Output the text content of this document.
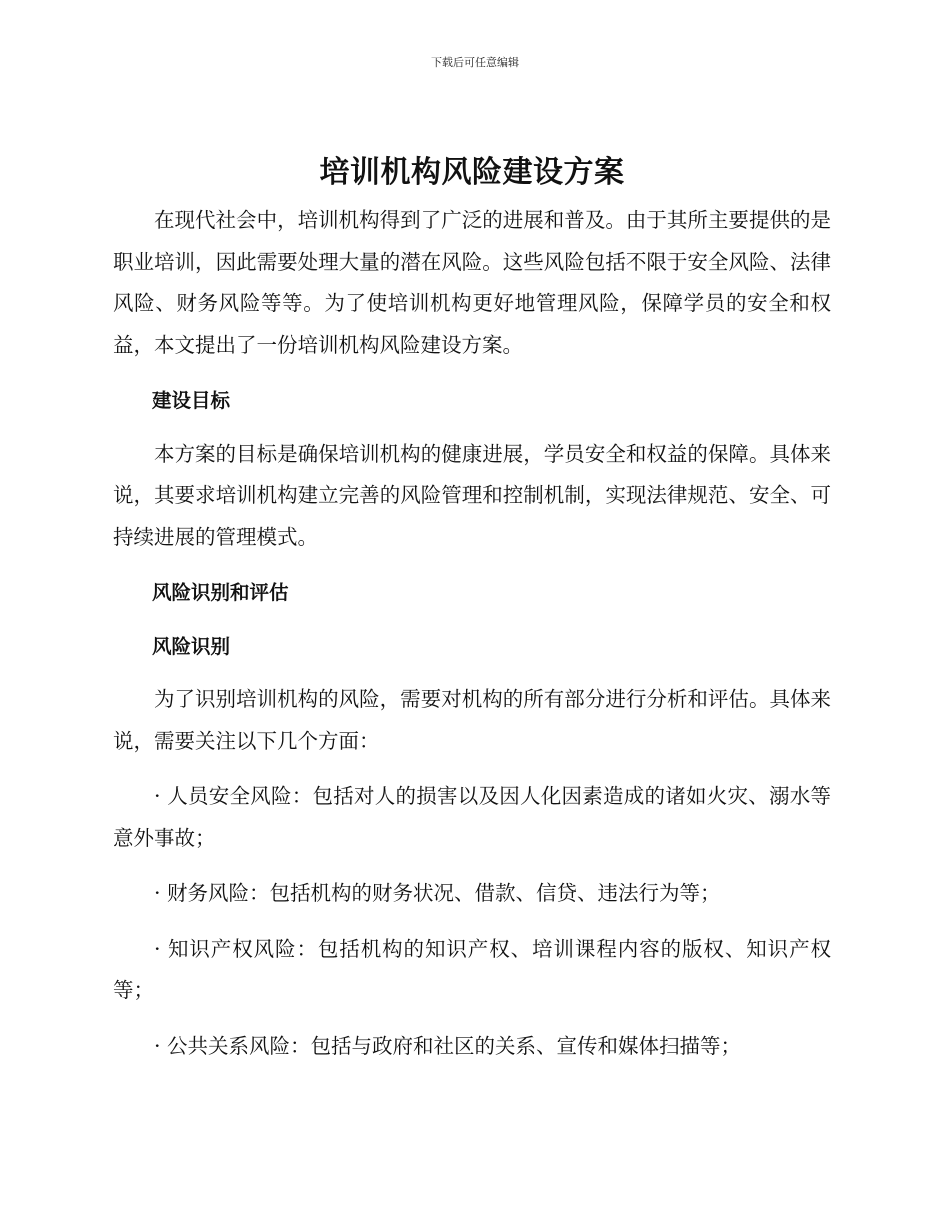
下载后可任意编辑
培训机构风险建设方案
在现代社会中，培训机构得到了广泛的进展和普及。由于其所主要提供的是职业培训，因此需要处理大量的潜在风险。这些风险包括不限于安全风险、法律风险、财务风险等等。为了使培训机构更好地管理风险，保障学员的安全和权益，本文提出了一份培训机构风险建设方案。
建设目标
本方案的目标是确保培训机构的健康进展，学员安全和权益的保障。具体来说，其要求培训机构建立完善的风险管理和控制机制，实现法律规范、安全、可持续进展的管理模式。
风险识别和评估
风险识别
为了识别培训机构的风险，需要对机构的所有部分进行分析和评估。具体来说，需要关注以下几个方面：
· 人员安全风险：包括对人的损害以及因人化因素造成的诸如火灾、溺水等意外事故；
· 财务风险：包括机构的财务状况、借款、信贷、违法行为等；
· 知识产权风险：包括机构的知识产权、培训课程内容的版权、知识产权等；
· 公共关系风险：包括与政府和社区的关系、宣传和媒体扫描等；
